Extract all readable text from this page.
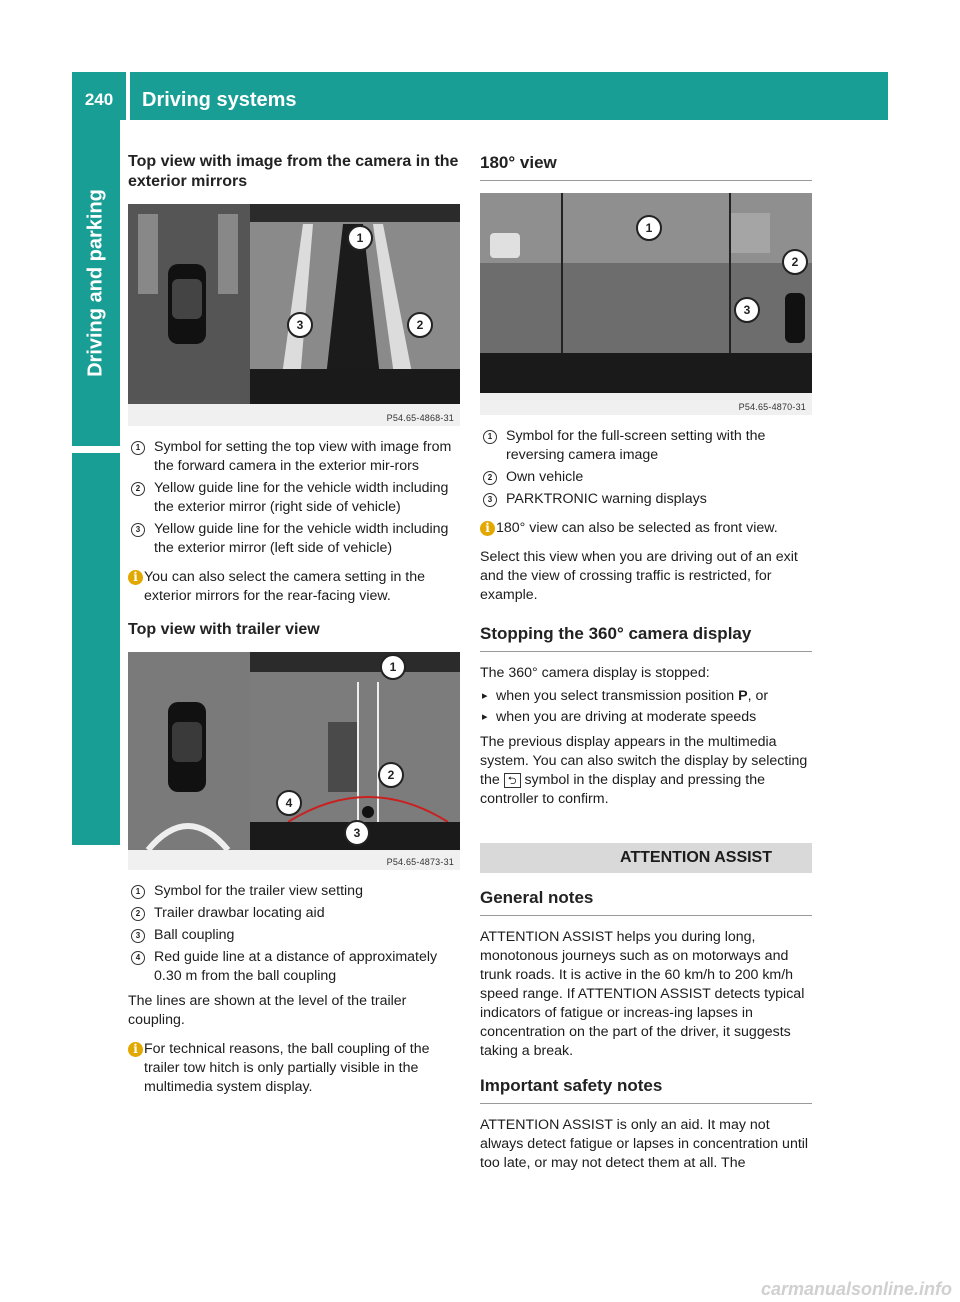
240	Driving systems
Driving and parking
Top view with image from the camera in the exterior mirrors
1
2
3
P54.65-4868-31
1 Symbol for setting the top view with image from the forward camera in the exterior mir-rors
2 Yellow guide line for the vehicle width including the exterior mirror (right side of vehicle)
3 Yellow guide line for the vehicle width including the exterior mirror (left side of vehicle)
i You can also select the camera setting in the exterior mirrors for the rear-facing view.
Top view with trailer view
1
2
3
4
P54.65-4873-31
1 Symbol for the trailer view setting
2 Trailer drawbar locating aid
3 Ball coupling
4 Red guide line at a distance of approximately 0.30 m from the ball coupling

The lines are shown at the level of the trailer coupling.

i For technical reasons, the ball coupling of the trailer tow hitch is only partially visible in the multimedia system display.
180° view
1
2
3
P54.65-4870-31
1 Symbol for the full-screen setting with the reversing camera image
2 Own vehicle
3 PARKTRONIC warning displays
i 180° view can also be selected as front view.

Select this view when you are driving out of an exit and the view of crossing traffic is restricted, for example.

Stopping the 360° camera display

The 360° camera display is stopped:

▸ when you select transmission position P, or
▸ when you are driving at moderate speeds

The previous display appears in the multimedia system. You can also switch the display by selecting the ⮌ symbol in the display and pressing the controller to confirm.

ATTENTION ASSIST
General notes

ATTENTION ASSIST helps you during long, monotonous journeys such as on motorways and trunk roads. It is active in the 60 km/h to 200 km/h speed range. If ATTENTION ASSIST detects typical indicators of fatigue or increas-ing lapses in concentration on the part of the driver, it suggests taking a break.

Important safety notes

ATTENTION ASSIST is only an aid. It may not always detect fatigue or lapses in concentration until too late, or may not detect them at all. The

carmanualsonline.info
